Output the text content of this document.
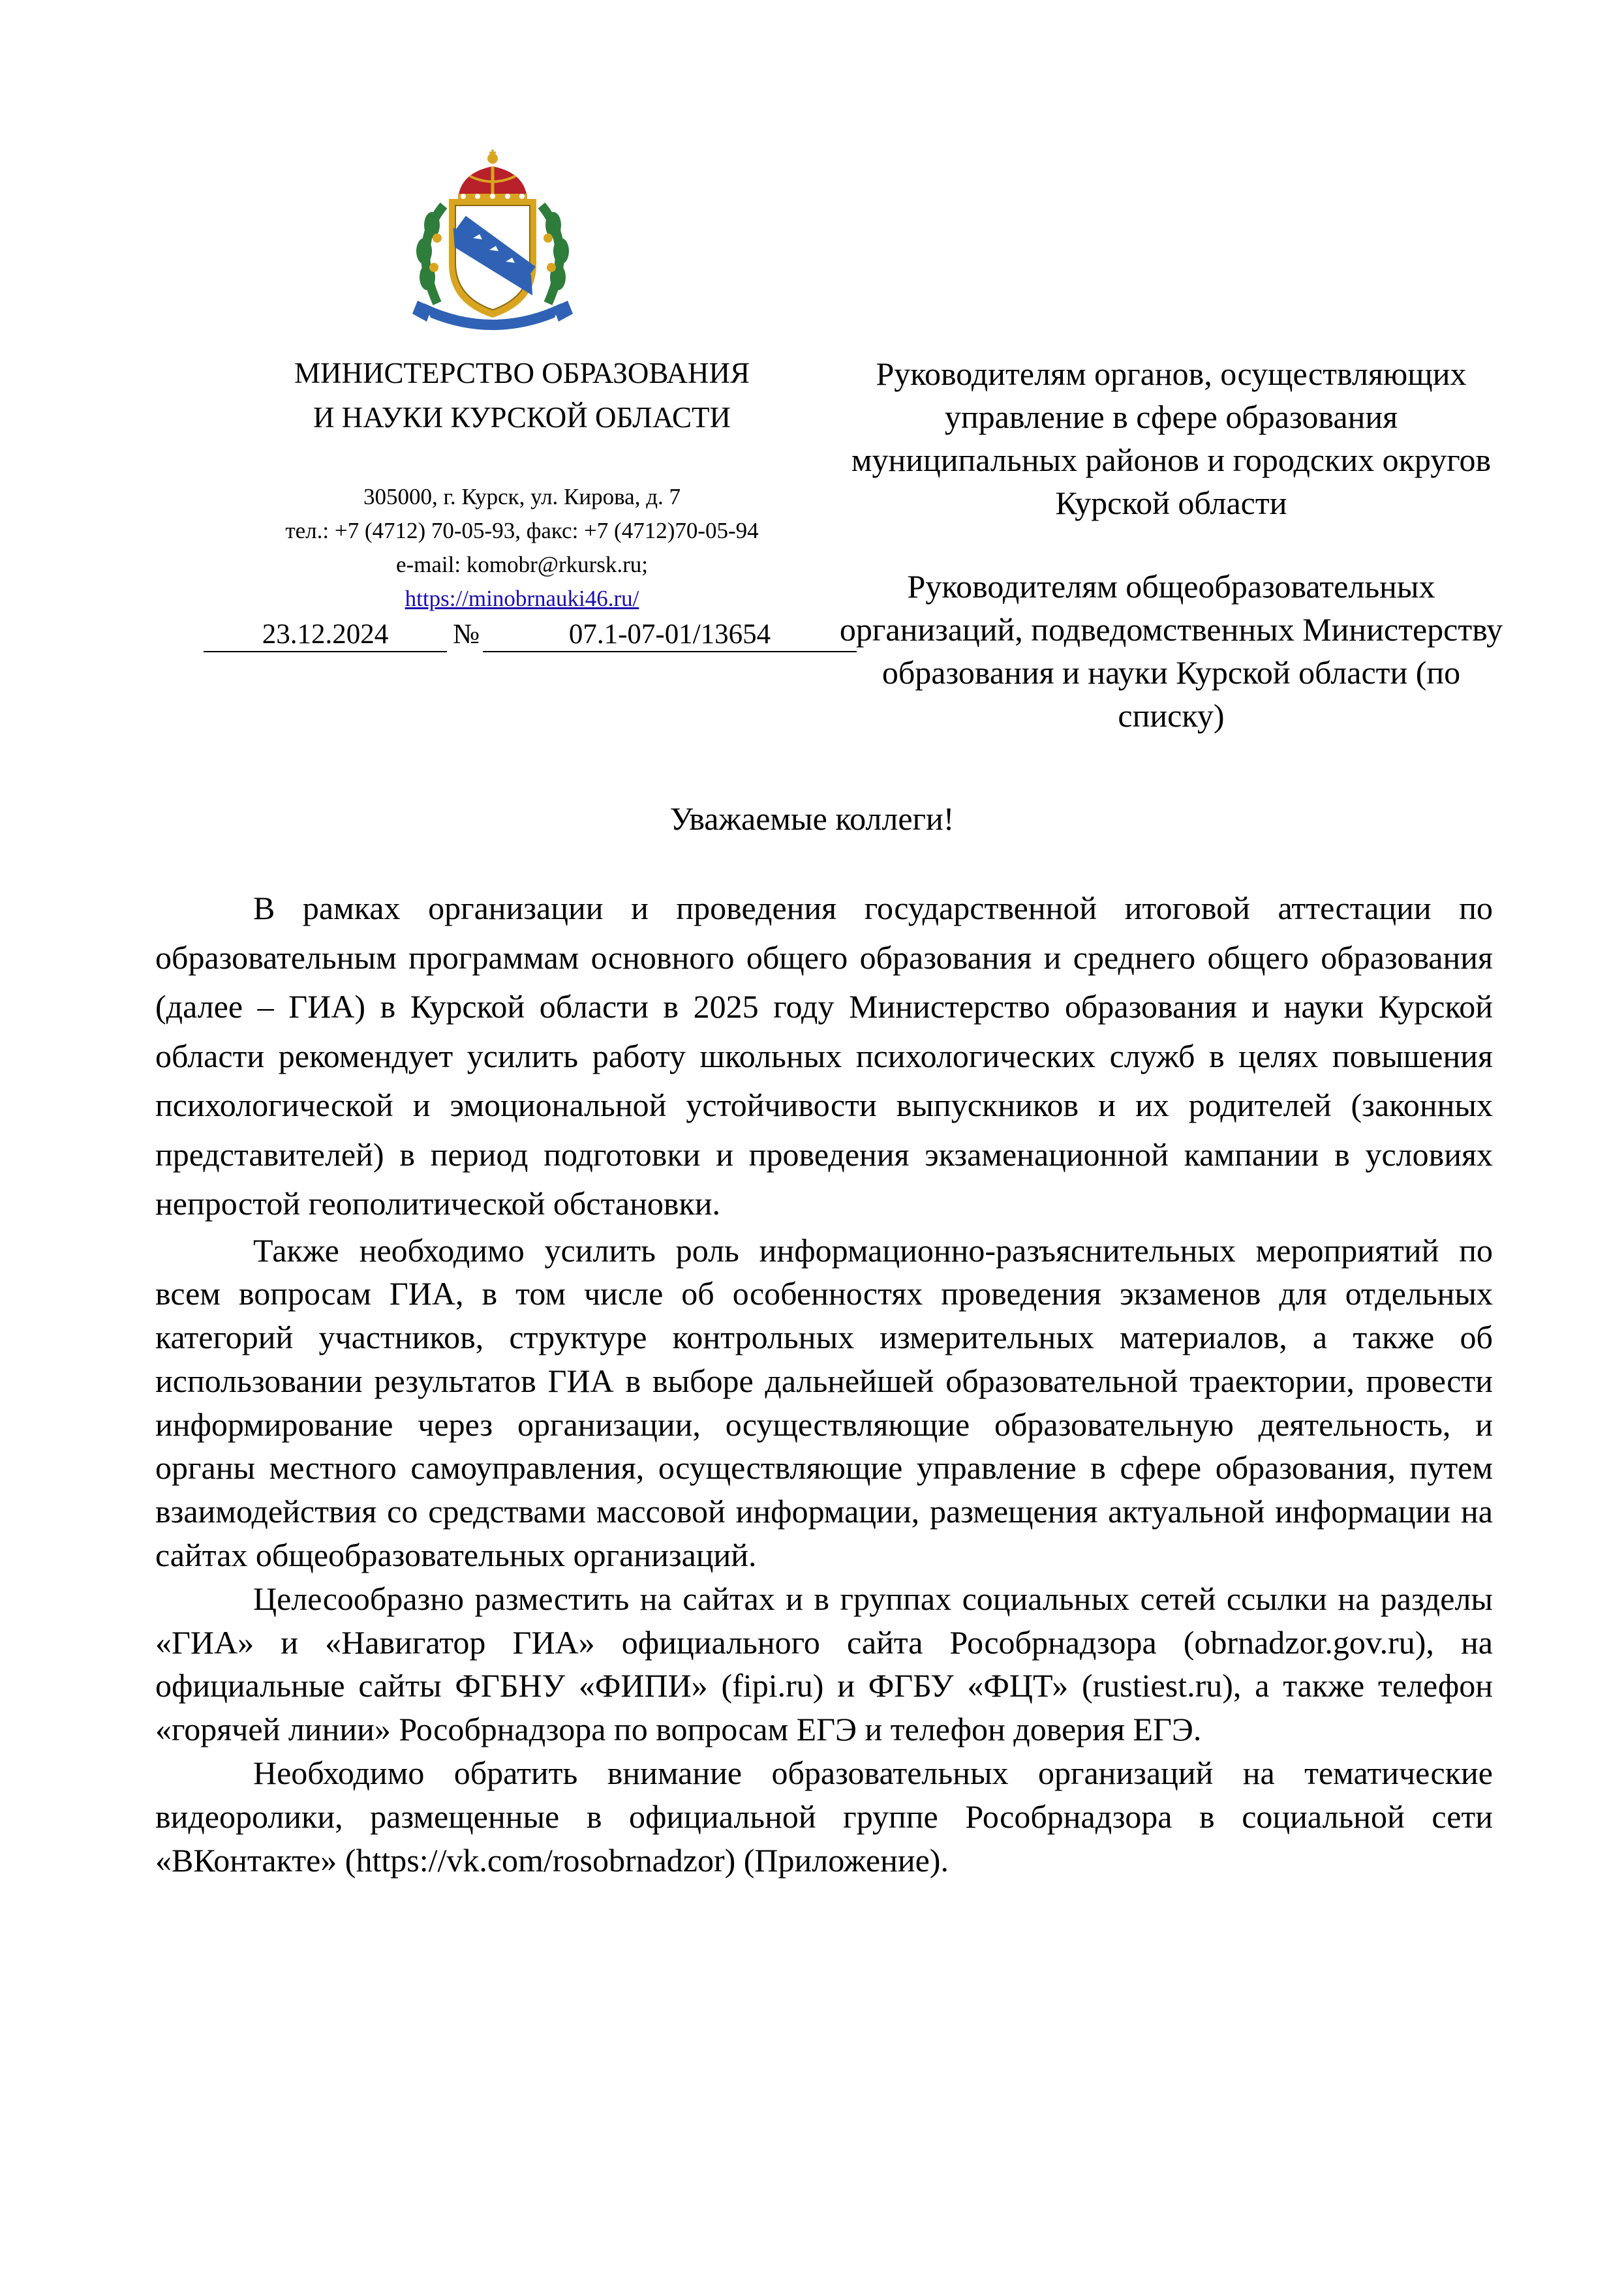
МИНИСТЕРСТВО ОБРАЗОВАНИЯ
И НАУКИ КУРСКОЙ ОБЛАСТИ
305000, г. Курск, ул. Кирова, д. 7
тел.: +7 (4712) 70-05-93, факс: +7 (4712)70-05-94
e-mail: komobr@rkursk.ru;
https://minobrnauki46.ru/
23.12.2024	№	07.1-07-01/13654

Руководителям органов, осуществляющих управление в сфере образования муниципальных районов и городских округов Курской области

Руководителям общеобразовательных организаций, подведомственных Министерству образования и науки Курской области (по списку)

Уважаемые коллеги!

В рамках организации и проведения государственной итоговой аттестации по образовательным программам основного общего образования и среднего общего образования (далее – ГИА) в Курской области в 2025 году Министерство образования и науки Курской области рекомендует усилить работу школьных психологических служб в целях повышения психологической и эмоциональной устойчивости выпускников и их родителей (законных представителей) в период подготовки и проведения экзаменационной кампании в условиях непростой геополитической обстановки.

Также необходимо усилить роль информационно-разъяснительных мероприятий по всем вопросам ГИА, в том числе об особенностях проведения экзаменов для отдельных категорий участников, структуре контрольных измерительных материалов, а также об использовании результатов ГИА в выборе дальнейшей образовательной траектории, провести информирование через организации, осуществляющие образовательную деятельность, и органы местного самоуправления, осуществляющие управление в сфере образования, путем взаимодействия со средствами массовой информации, размещения актуальной информации на сайтах общеобразовательных организаций.

Целесообразно разместить на сайтах и в группах социальных сетей ссылки на разделы «ГИА» и «Навигатор ГИА» официального сайта Рособрнадзора (obrnadzor.gov.ru), на официальные сайты ФГБНУ «ФИПИ» (fipi.ru) и ФГБУ «ФЦТ» (rustiest.ru), а также телефон «горячей линии» Рособрнадзора по вопросам ЕГЭ и телефон доверия ЕГЭ.

Необходимо обратить внимание образовательных организаций на тематические видеоролики, размещенные в официальной группе Рособрнадзора в социальной сети «ВКонтакте» (https://vk.com/rosobrnadzor) (Приложение).
